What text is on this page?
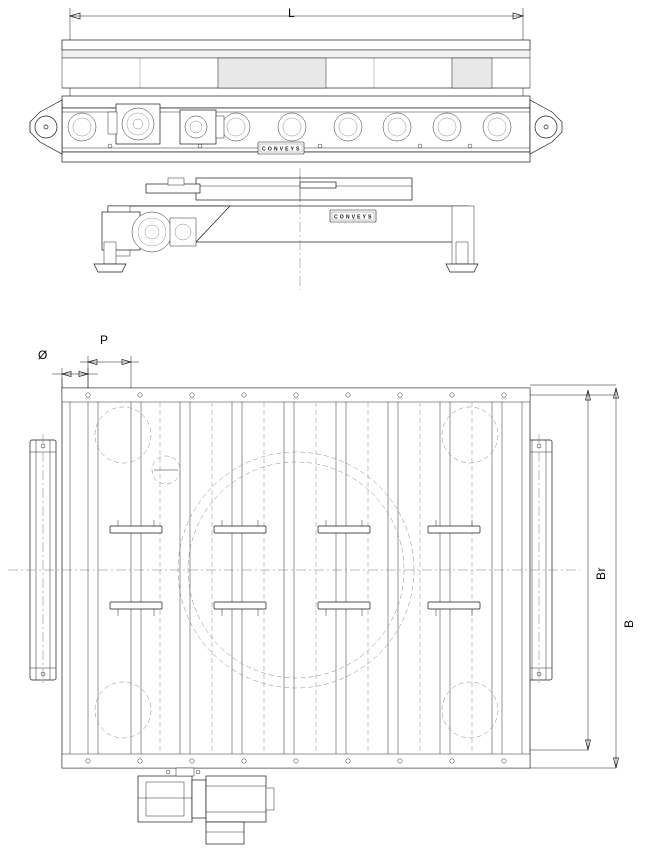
C O N V E Y S
C O N V E Y S
L
P
Ø
Br
B
